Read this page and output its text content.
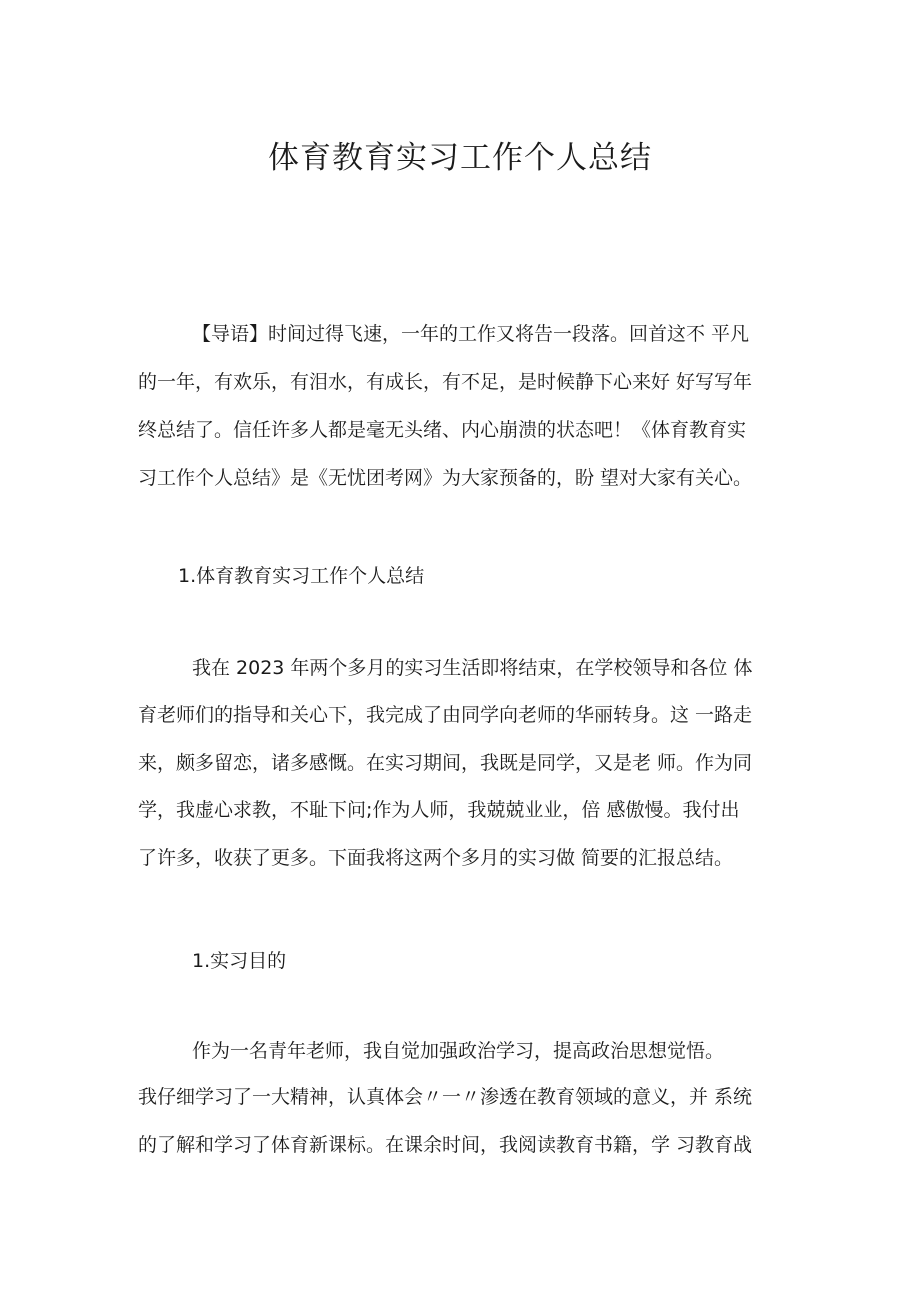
体育教育实习工作个人总结
【导语】时间过得飞速，一年的工作又将告一段落。回首这不 平凡
的一年，有欢乐，有泪水，有成长，有不足，是时候静下心来好 好写写年
终总结了。信任许多人都是毫无头绪、内心崩溃的状态吧！《体育教育实
习工作个人总结》是《无忧团考网》为大家预备的，盼 望对大家有关心。
1.体育教育实习工作个人总结
我在 2023 年两个多月的实习生活即将结束，在学校领导和各位 体
育老师们的指导和关心下，我完成了由同学向老师的华丽转身。这 一路走
来，颇多留恋，诸多感慨。在实习期间，我既是同学，又是老 师。作为同
学，我虚心求教，不耻下问;作为人师，我兢兢业业，倍 感傲慢。我付出
了许多，收获了更多。下面我将这两个多月的实习做 简要的汇报总结。
1.实习目的
作为一名青年老师，我自觉加强政治学习，提高政治思想觉悟。
我仔细学习了一大精神，认真体会〃一〃渗透在教育领域的意义，并 系统
的了解和学习了体育新课标。在课余时间，我阅读教育书籍，学 习教育战
